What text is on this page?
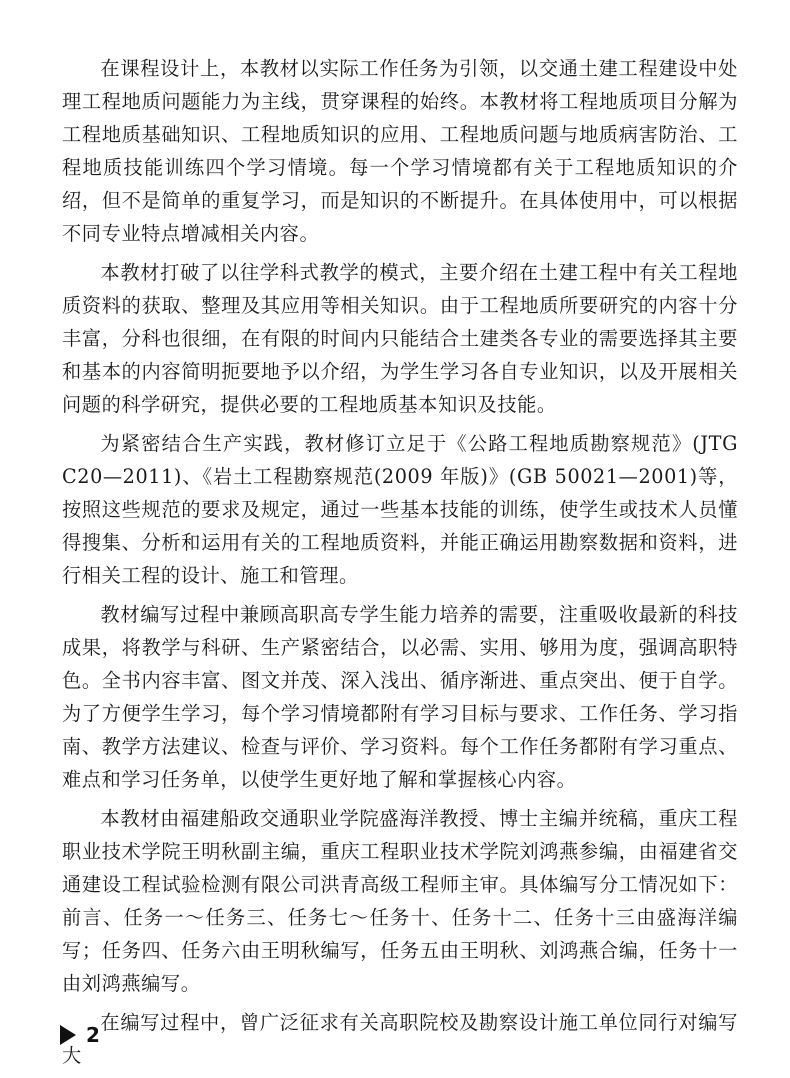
在课程设计上，本教材以实际工作任务为引领，以交通土建工程建设中处理工程地质问题能力为主线，贯穿课程的始终。本教材将工程地质项目分解为工程地质基础知识、工程地质知识的应用、工程地质问题与地质病害防治、工程地质技能训练四个学习情境。每一个学习情境都有关于工程地质知识的介绍，但不是简单的重复学习，而是知识的不断提升。在具体使用中，可以根据不同专业特点增减相关内容。

本教材打破了以往学科式教学的模式，主要介绍在土建工程中有关工程地质资料的获取、整理及其应用等相关知识。由于工程地质所要研究的内容十分丰富，分科也很细，在有限的时间内只能结合土建类各专业的需要选择其主要和基本的内容简明扼要地予以介绍，为学生学习各自专业知识，以及开展相关问题的科学研究，提供必要的工程地质基本知识及技能。

为紧密结合生产实践，教材修订立足于《公路工程地质勘察规范》(JTG C20—2011)、《岩土工程勘察规范(2009 年版)》(GB 50021—2001)等，按照这些规范的要求及规定，通过一些基本技能的训练，使学生或技术人员懂得搜集、分析和运用有关的工程地质资料，并能正确运用勘察数据和资料，进行相关工程的设计、施工和管理。

教材编写过程中兼顾高职高专学生能力培养的需要，注重吸收最新的科技成果，将教学与科研、生产紧密结合，以必需、实用、够用为度，强调高职特色。全书内容丰富、图文并茂、深入浅出、循序渐进、重点突出、便于自学。为了方便学生学习，每个学习情境都附有学习目标与要求、工作任务、学习指南、教学方法建议、检查与评价、学习资料。每个工作任务都附有学习重点、难点和学习任务单，以使学生更好地了解和掌握核心内容。

本教材由福建船政交通职业学院盛海洋教授、博士主编并统稿，重庆工程职业技术学院王明秋副主编，重庆工程职业技术学院刘鸿燕参编，由福建省交通建设工程试验检测有限公司洪青高级工程师主审。具体编写分工情况如下：前言、任务一～任务三、任务七～任务十、任务十二、任务十三由盛海洋编写；任务四、任务六由王明秋编写，任务五由王明秋、刘鸿燕合编，任务十一由刘鸿燕编写。

在编写过程中，曾广泛征求有关高职院校及勘察设计施工单位同行对编写大

2
